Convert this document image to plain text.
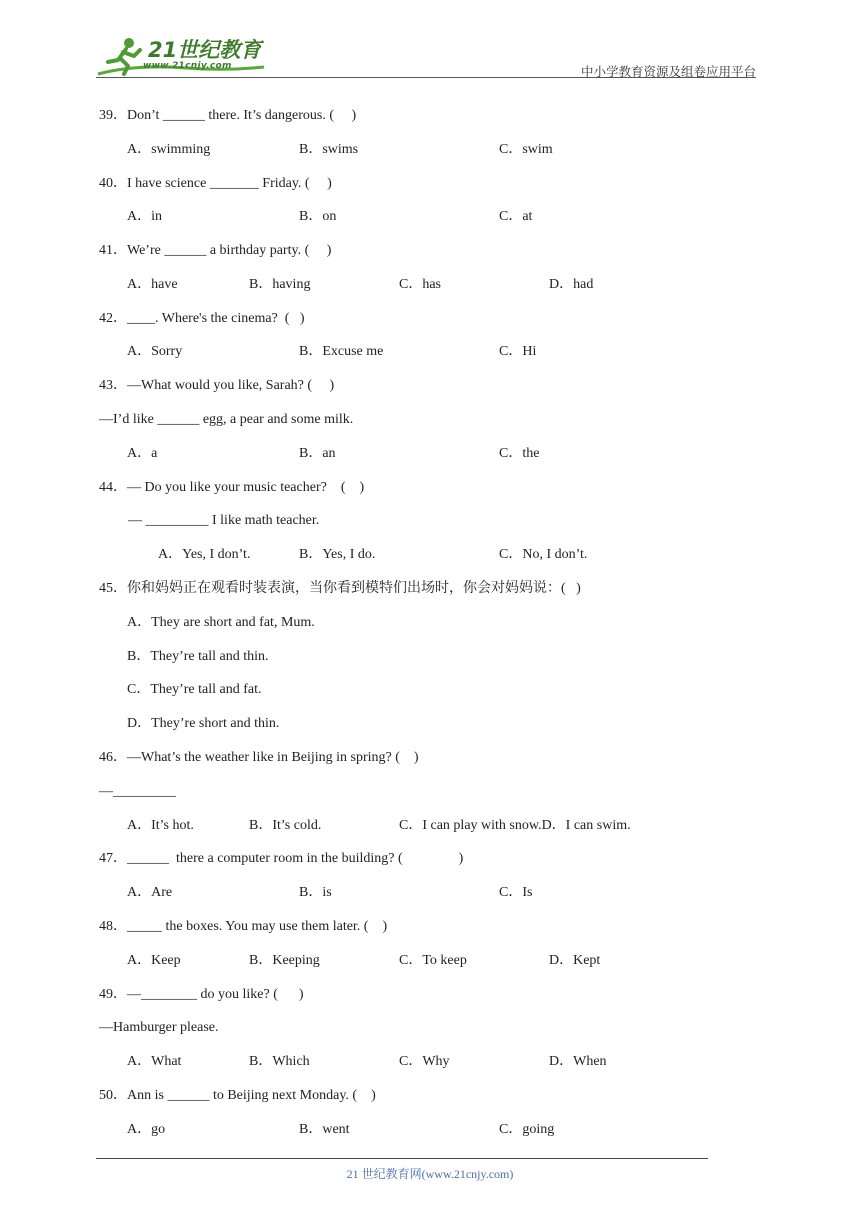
21世纪教育
www.21cnjy.com	中小学教育资源及组卷应用平台
39．Don’t ______ there. It’s dangerous. (     )
A．swimming	B．swims	C．swim
40．I have science _______ Friday. (     )
A．in	B．on	C．at
41．We’re ______ a birthday party. (     )
A．have	B．having	C．has	D．had
42．____. Where's the cinema?  (   )
A．Sorry	B．Excuse me	C．Hi
43．—What would you like, Sarah? (     )
—I’d like ______ egg, a pear and some milk.
A．a	B．an	C．the
44．— Do you like your music teacher?    (    )
— _________ I like math teacher.
A．Yes, I don’t.	B．Yes, I do.	C．No, I don’t.
45．你和妈妈正在观看时装表演，当你看到模特们出场时，你会对妈妈说：(   )
A．They are short and fat, Mum.
B．They’re tall and thin.
C．They’re tall and fat.
D．They’re short and thin.
46．—What’s the weather like in Beijing in spring? (    )
—_________
A．It’s hot.	B．It’s cold.	C．I can play with snow.D．I can swim.
47．______  there a computer room in the building? (                )
A．Are	B．is	C．Is
48．_____ the boxes. You may use them later. (    )
A．Keep	B．Keeping	C．To keep	D．Kept
49．—________ do you like? (      )
—Hamburger please.
A．What	B．Which	C．Why	D．When
50．Ann is ______ to Beijing next Monday. (    )
A．go	B．went	C．going
21 世纪教育网(www.21cnjy.com)
